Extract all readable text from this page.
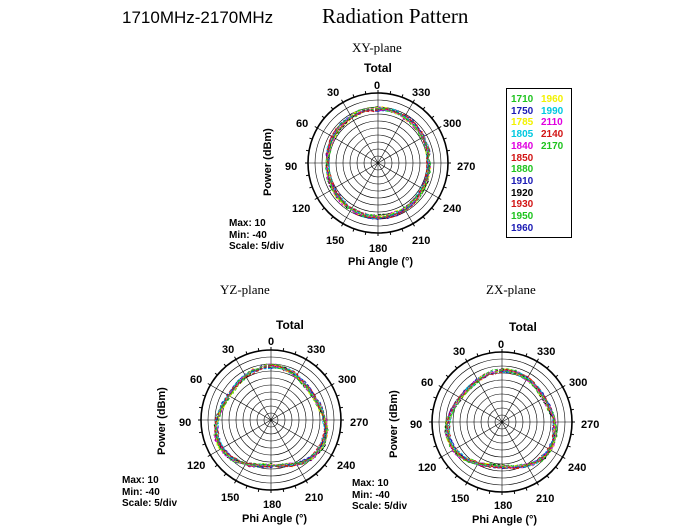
1710MHz-2170MHz Radiation Pattern
XY-plane
Total
0
30
60
90
120
150
180
210
240
270
300
330
Power (dBm)
Phi Angle (°)
Max: 10
Min: -40
Scale: 5/div
1710
1750
1785
1805
1840
1850
1880
1910
1920
1930
1950
1960
1960
1990
2110
2140
2170
YZ-plane
Total
0
30
60
90
120
150
180
210
240
270
300
330
Power (dBm)
Phi Angle (°)
Max: 10
Min: -40
Scale: 5/div
ZX-plane
Total
0
30
60
90
120
150
180
210
240
270
300
330
Power (dBm)
Phi Angle (°)
Max: 10
Min: -40
Scale: 5/div
